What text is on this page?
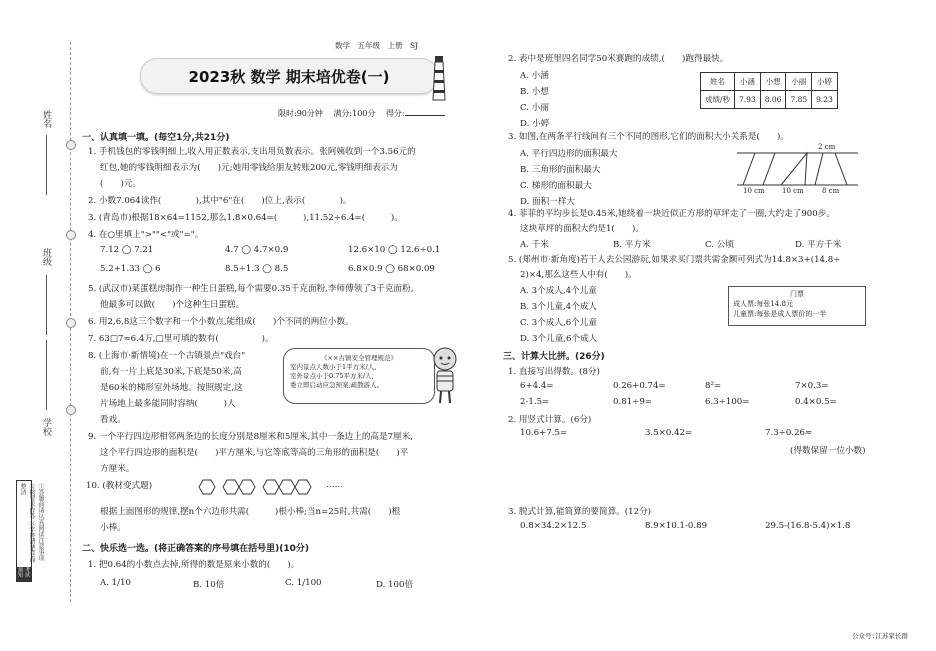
姓名
班级
学校
①答题前请认真阅读注意事项 ②按要求作答 ③字迹清楚卷面整洁
考试须知
数学　五年级　上册　SJ
2023秋 数学 期末培优卷(一)
限时:90分钟　 满分:100分　 得分:
一、认真填一填。(每空1分,共21分)
1. 手机钱包的零钱明细上,收入用正数表示,支出用负数表示。张阿姨收到一个3.56元的
红包,她的零钱明细表示为(　　)元;她用零钱给朋友转账200元,零钱明细表示为
(　　)元。
2. 小数7.064读作(　　　　),其中"6"在(　　)位上,表示(　　　　)。
3. (青岛市)根据18×64=1152,那么1.8×0.64=(　　　),11.52÷6.4=(　　　)。
4. 在○里填上">""<"或"="。
7.12 ◯ 7.21	4.7 ◯ 4.7×0.9	12.6×10 ◯ 12.6÷0.1
5.2+1.33 ◯ 6	8.5÷1.3 ◯ 8.5	6.8×0.9 ◯ 68×0.09
5. (武汉市)某蛋糕房制作一种生日蛋糕,每个需要0.35千克面粉,李师傅领了3千克面粉,
他最多可以做(　　)个这种生日蛋糕。
6. 用2,6,8这三个数字和一个小数点,能组成(　　)个不同的两位小数。
7. 63□7≈6.4万,□里可填的数有(　　　　　)。
8. (上海市·新情境)在一个古镇景点"戏台"
前,有一片上底是30米,下底是50米,高
是60米的梯形室外场地。按照规定,这
片场地上最多能同时容纳(　　　)人
看戏。
《××古镇安全管理规范》
室内景点人数小于1平方米/人,
室外景点小于0.75平方米/人,
委立即启动应急预案,疏散游人。
9. 一个平行四边形相邻两条边的长度分别是8厘米和5厘米,其中一条边上的高是7厘米,
这个平行四边形的面积是(　　)平方厘米,与它等底等高的三角形的面积是(　　)平
方厘米。
10. (教材变式题)	……
根据上面图形的规律,摆n个六边形共需(　　　)根小棒;当n=25时,共需(　　)根
小棒。
二、快乐选一选。(将正确答案的序号填在括号里)(10分)
1. 把0.64的小数点去掉,所得的数是原来小数的(　　)。
A. 1/10	B. 10倍	C. 1/100	D. 100倍
2. 表中是班里四名同学50米赛跑的成绩,(　　)跑得最快。
A. 小涵
B. 小想
C. 小丽
D. 小婷
姓名	小涵	小想	小丽	小婷
成绩/秒	7.93	8.06	7.85	9.23
3. 如图,在两条平行线间有三个不同的图形,它们的面积大小关系是(　　)。
A. 平行四边形的面积最大
B. 三角形的面积最大
C. 梯形的面积最大
D. 面积一样大
2 cm
10 cm 10 cm	8 cm
4. 菲菲的平均步长是0.45米,她绕着一块近似正方形的草坪走了一圈,大约走了900步。
这块草坪的面积大约是1(　　)。
A. 千米	B. 平方米	C. 公顷	D. 平方千米
5. (郑州市·新角度)若干人去公园游玩,如果求买门票共需金额可列式为14.8×3+(14.8÷
2)×4,那么这些人中有(　　)。
A. 3个成人,4个儿童
B. 3个儿童,4个成人
C. 3个成人,6个儿童
D. 3个儿童,6个成人
门票
成人票:每张14.8元
儿童票:每张是成人票价的一半
三、计算大比拼。(26分)
1. 直接写出得数。(8分)
6+4.4=	0.26+0.74=	8²=	7×0.3=
2-1.5=	0.81÷9=	6.3÷100=	0.4×0.5=
2. 用竖式计算。(6分)
10.6+7.5=	3.5×0.42=	7.3÷0.26≈
(得数保留一位小数)
3. 脱式计算,能简算的要简算。(12分)
0.8×34.2×12.5	8.9×10.1-0.89	29.5-(16.8-5.4)×1.8
公众号:江苏家长群
